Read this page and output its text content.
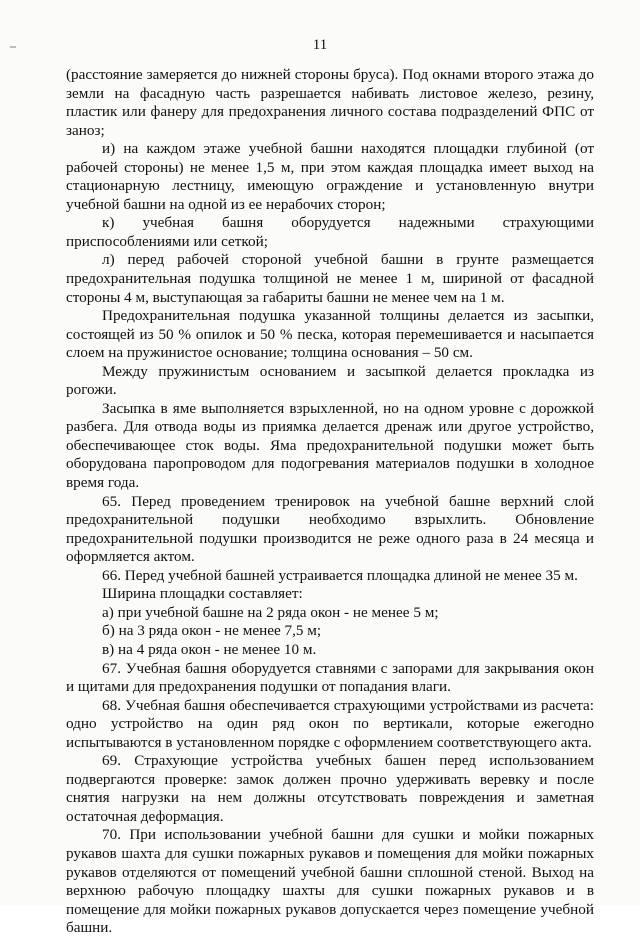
11

(расстояние замеряется до нижней стороны бруса). Под окнами второго этажа до земли на фасадную часть разрешается набивать листовое железо, резину, пластик или фанеру для предохранения личного состава подразделений ФПС от заноз;

и) на каждом этаже учебной башни находятся площадки глубиной (от рабочей стороны) не менее 1,5 м, при этом каждая площадка имеет выход на стационарную лестницу, имеющую ограждение и установленную внутри учебной башни на одной из ее нерабочих сторон;

к) учебная башня оборудуется надежными страхующими приспособлениями или сеткой;

л) перед рабочей стороной учебной башни в грунте размещается предохранительная подушка толщиной не менее 1 м, шириной от фасадной стороны 4 м, выступающая за габариты башни не менее чем на 1 м.

Предохранительная подушка указанной толщины делается из засыпки, состоящей из 50 % опилок и 50 % песка, которая перемешивается и насыпается слоем на пружинистое основание; толщина основания – 50 см.

Между пружинистым основанием и засыпкой делается прокладка из рогожи.

Засыпка в яме выполняется взрыхленной, но на одном уровне с дорожкой разбега. Для отвода воды из приямка делается дренаж или другое устройство, обеспечивающее сток воды. Яма предохранительной подушки может быть оборудована паропроводом для подогревания материалов подушки в холодное время года.

65. Перед проведением тренировок на учебной башне верхний слой предохранительной подушки необходимо взрыхлить. Обновление предохранительной подушки производится не реже одного раза в 24 месяца и оформляется актом.

66. Перед учебной башней устраивается площадка длиной не менее 35 м.

Ширина площадки составляет:

а) при учебной башне на 2 ряда окон - не менее 5 м;

б) на 3 ряда окон - не менее 7,5 м;

в) на 4 ряда окон - не менее 10 м.

67. Учебная башня оборудуется ставнями с запорами для закрывания окон и щитами для предохранения подушки от попадания влаги.

68. Учебная башня обеспечивается страхующими устройствами из расчета: одно устройство на один ряд окон по вертикали, которые ежегодно испытываются в установленном порядке с оформлением соответствующего акта.

69. Страхующие устройства учебных башен перед использованием подвергаются проверке: замок должен прочно удерживать веревку и после снятия нагрузки на нем должны отсутствовать повреждения и заметная остаточная деформация.

70. При использовании учебной башни для сушки и мойки пожарных рукавов шахта для сушки пожарных рукавов и помещения для мойки пожарных рукавов отделяются от помещений учебной башни сплошной стеной. Выход на верхнюю рабочую площадку шахты для сушки пожарных рукавов и в помещение для мойки пожарных рукавов допускается через помещение учебной башни.
